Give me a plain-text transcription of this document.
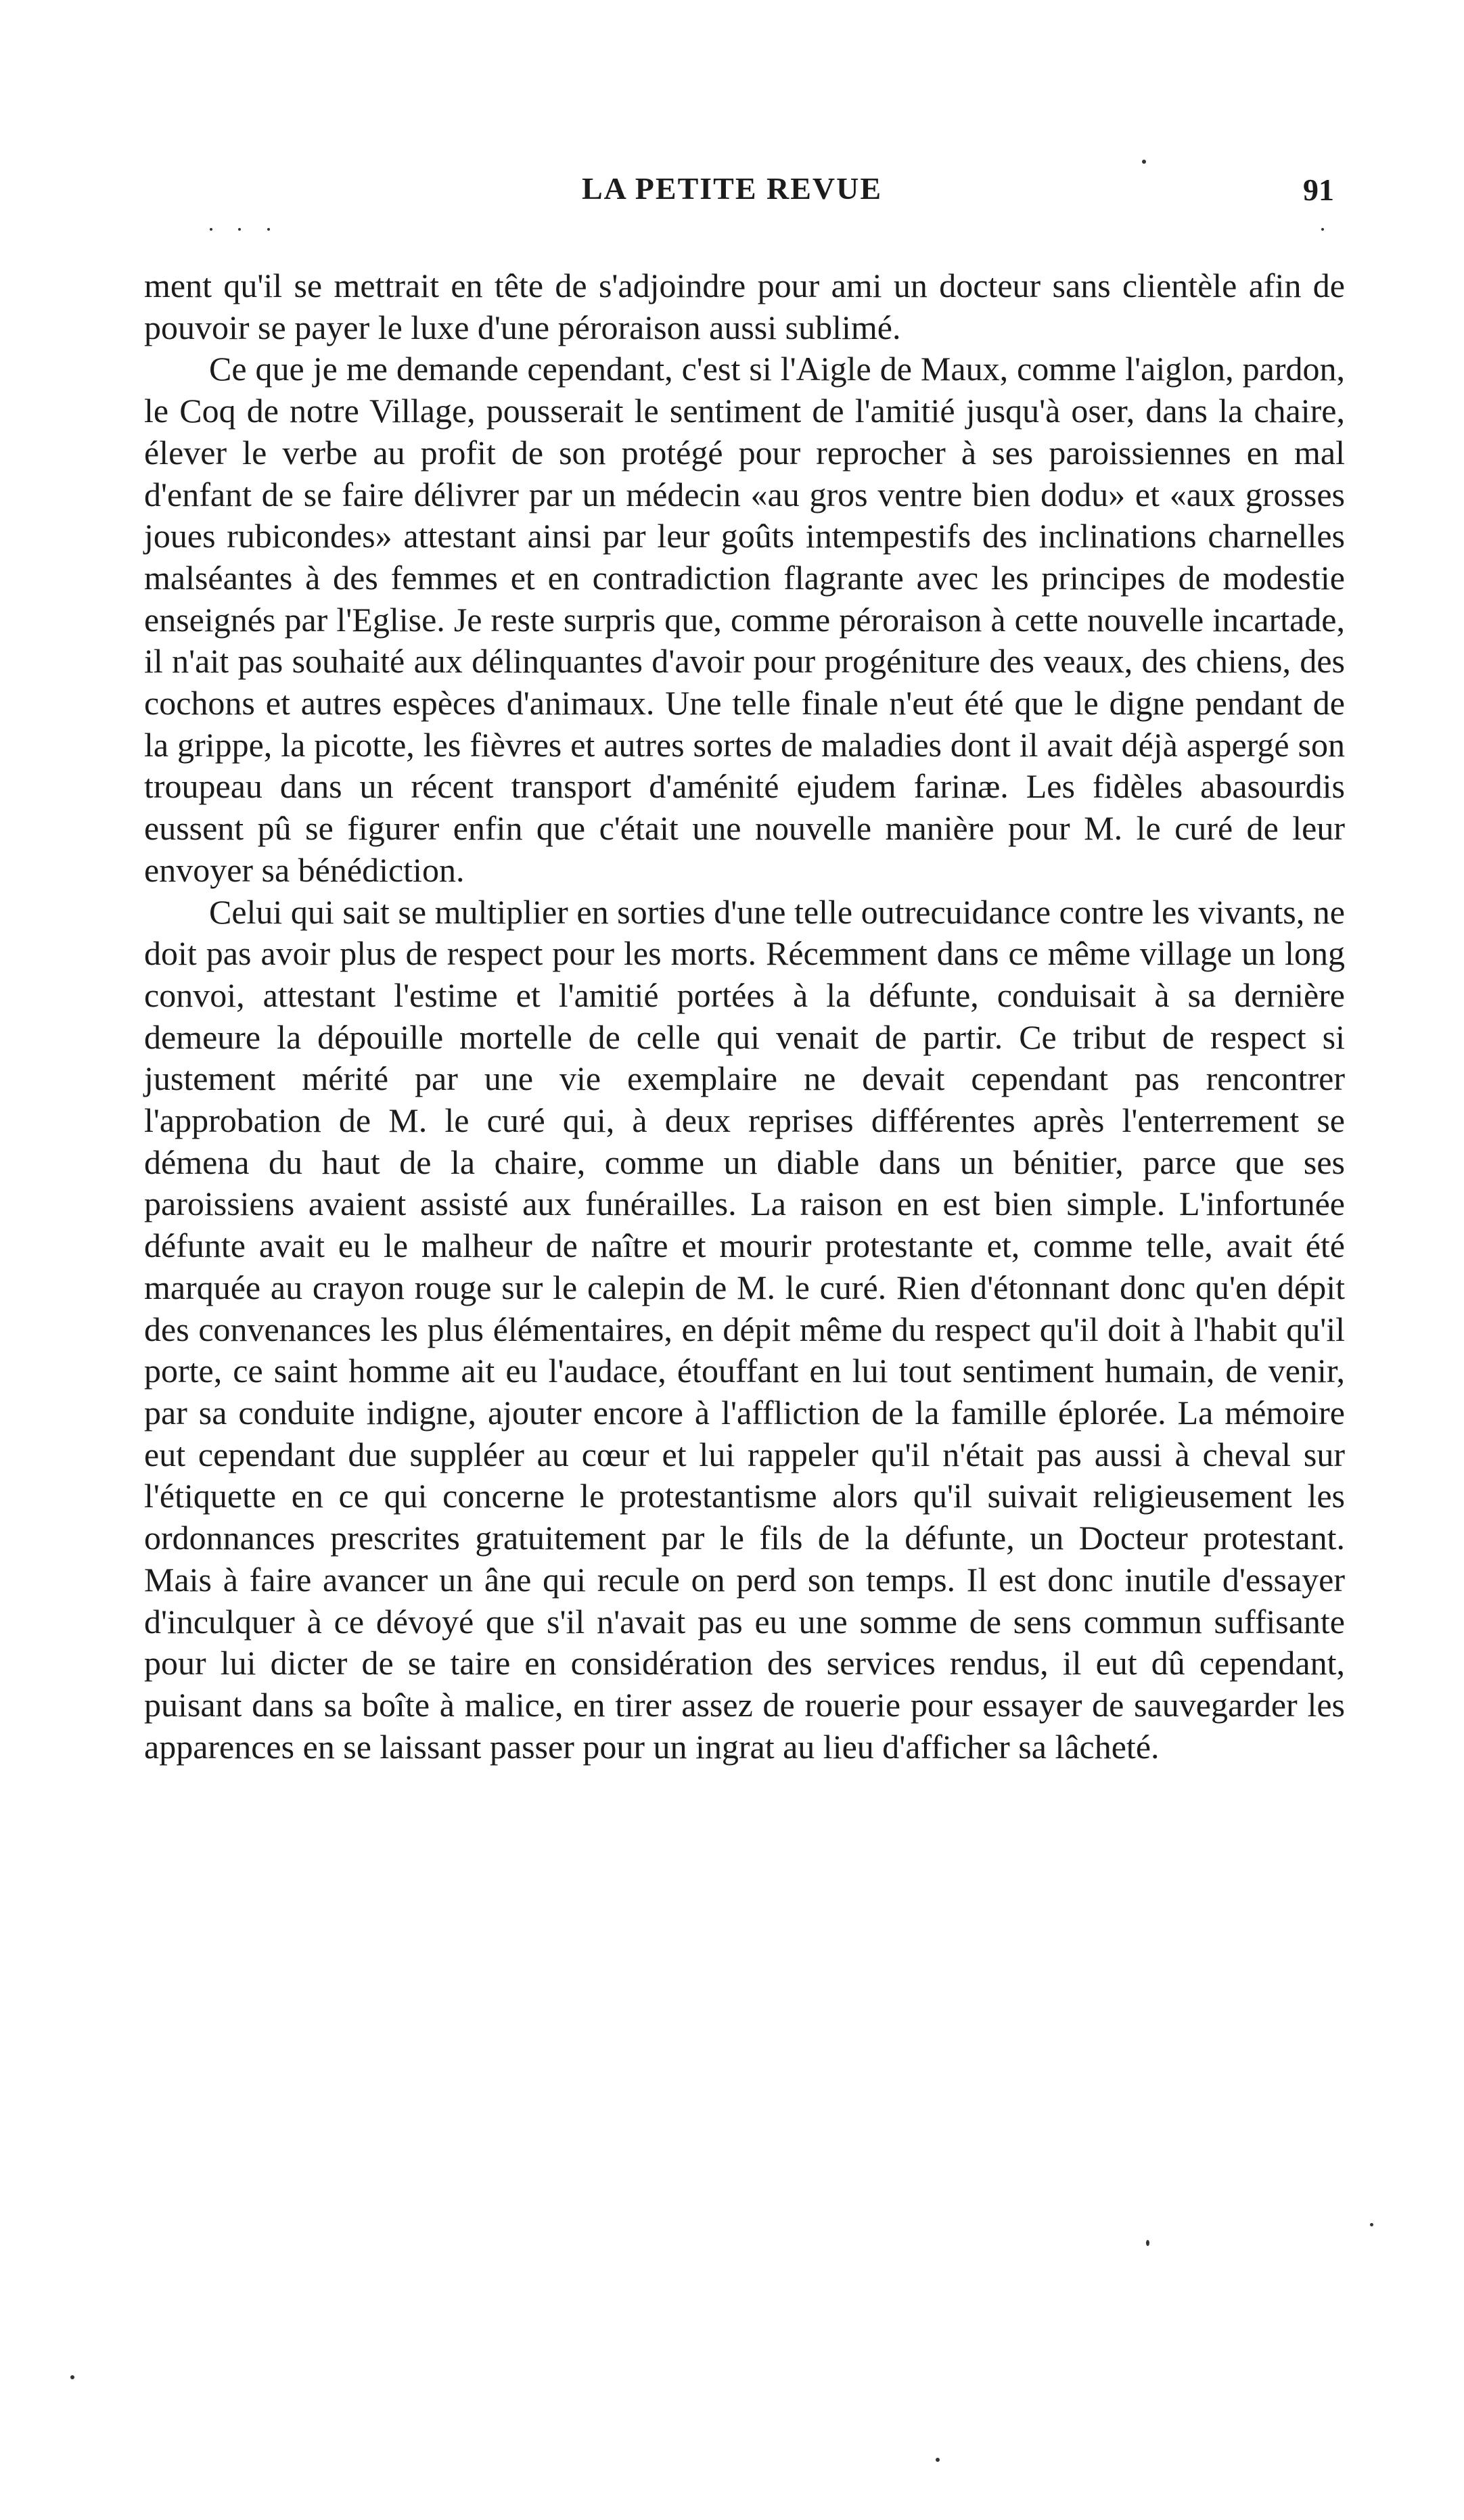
LA PETITE REVUE	91

ment qu'il se mettrait en tête de s'adjoindre pour ami un docteur sans clientèle afin de pouvoir se payer le luxe d'une péroraison aussi sublimé.

Ce que je me demande cependant, c'est si l'Aigle de Maux, comme l'aiglon, pardon, le Coq de notre Village, pousserait le sentiment de l'amitié jusqu'à oser, dans la chaire, élever le verbe au profit de son protégé pour reprocher à ses paroissiennes en mal d'enfant de se faire délivrer par un médecin «au gros ventre bien dodu» et «aux grosses joues rubicondes» attestant ainsi par leur goûts intempestifs des inclinations charnelles malséantes à des femmes et en contradiction flagrante avec les principes de modestie enseignés par l'Eglise. Je reste surpris que, comme péroraison à cette nouvelle incartade, il n'ait pas souhaité aux délinquantes d'avoir pour progéniture des veaux, des chiens, des cochons et autres espèces d'animaux. Une telle finale n'eut été que le digne pendant de la grippe, la picotte, les fièvres et autres sortes de maladies dont il avait déjà aspergé son troupeau dans un récent transport d'aménité ejudem farinæ. Les fidèles abasourdis eussent pû se figurer enfin que c'était une nouvelle manière pour M. le curé de leur envoyer sa bénédiction.

Celui qui sait se multiplier en sorties d'une telle outrecuidance contre les vivants, ne doit pas avoir plus de respect pour les morts. Récemment dans ce même village un long convoi, attestant l'estime et l'amitié portées à la défunte, conduisait à sa dernière demeure la dépouille mortelle de celle qui venait de partir. Ce tribut de respect si justement mérité par une vie exemplaire ne devait cependant pas rencontrer l'approbation de M. le curé qui, à deux reprises différentes après l'enterrement se démena du haut de la chaire, comme un diable dans un bénitier, parce que ses paroissiens avaient assisté aux funérailles. La raison en est bien simple. L'infortunée défunte avait eu le malheur de naître et mourir protestante et, comme telle, avait été marquée au crayon rouge sur le calepin de M. le curé. Rien d'étonnant donc qu'en dépit des convenances les plus élémentaires, en dépit même du respect qu'il doit à l'habit qu'il porte, ce saint homme ait eu l'audace, étouffant en lui tout sentiment humain, de venir, par sa conduite indigne, ajouter encore à l'affliction de la famille éplorée. La mémoire eut cependant due suppléer au cœur et lui rappeler qu'il n'était pas aussi à cheval sur l'étiquette en ce qui concerne le protestantisme alors qu'il suivait religieusement les ordonnances prescrites gratuitement par le fils de la défunte, un Docteur protestant. Mais à faire avancer un âne qui recule on perd son temps. Il est donc inutile d'essayer d'inculquer à ce dévoyé que s'il n'avait pas eu une somme de sens commun suffisante pour lui dicter de se taire en considération des services rendus, il eut dû cependant, puisant dans sa boîte à malice, en tirer assez de rouerie pour essayer de sauvegarder les apparences en se laissant passer pour un ingrat au lieu d'afficher sa lâcheté.
